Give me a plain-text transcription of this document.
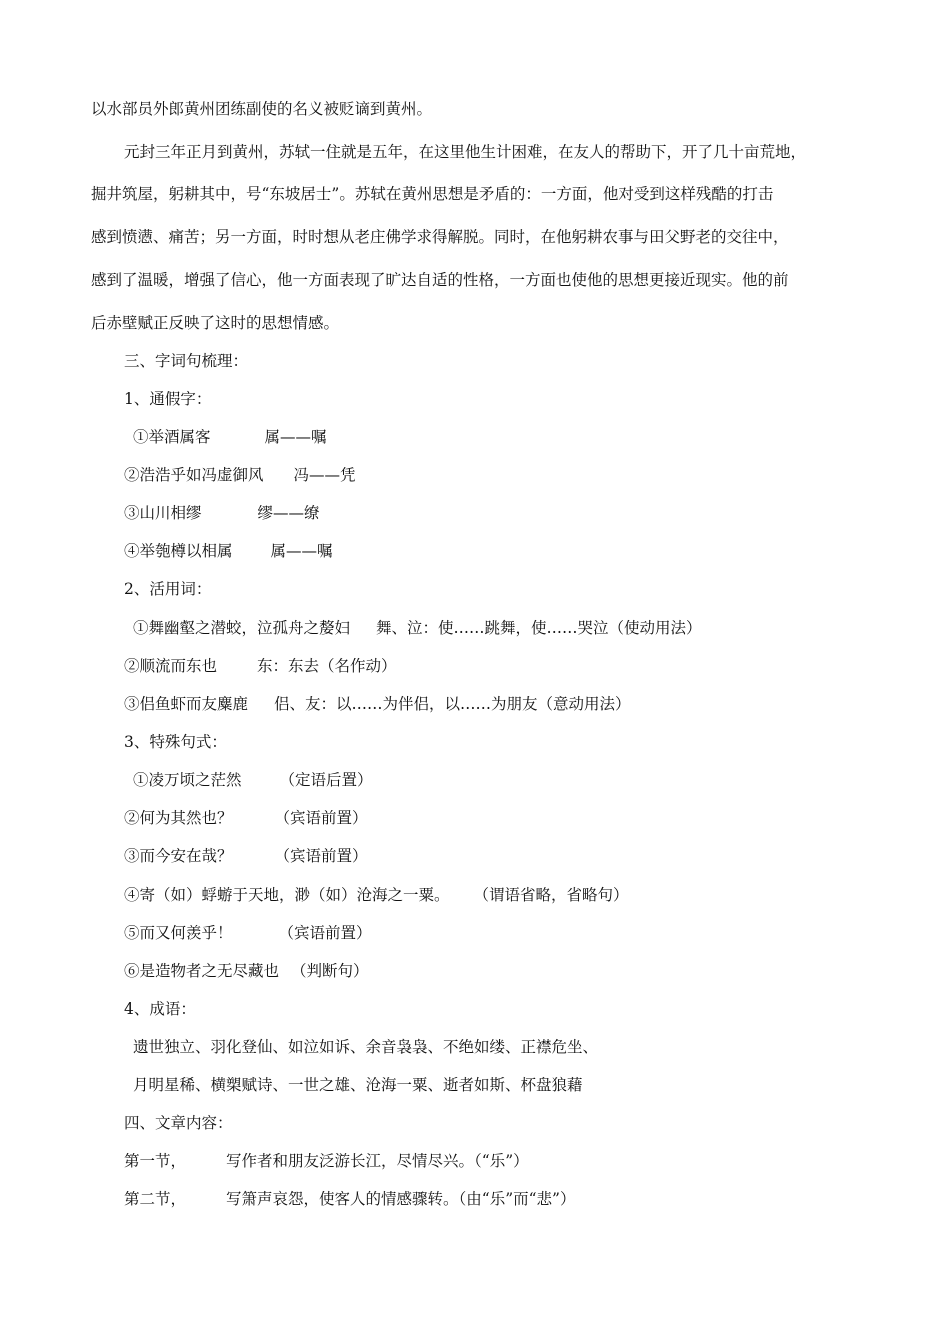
以水部员外郎黄州团练副使的名义被贬谪到黄州。
元封三年正月到黄州，苏轼一住就是五年，在这里他生计困难，在友人的帮助下，开了几十亩荒地，
掘井筑屋，躬耕其中，号“东坡居士”。苏轼在黄州思想是矛盾的：一方面，他对受到这样残酷的打击
感到愤懑、痛苦；另一方面，时时想从老庄佛学求得解脱。同时，在他躬耕农事与田父野老的交往中，
感到了温暖，增强了信心，他一方面表现了旷达自适的性格，一方面也使他的思想更接近现实。他的前
后赤壁赋正反映了这时的思想情感。
三、字词句梳理：
1、通假字：
①举酒属客	属——嘱
②浩浩乎如冯虚御风 冯——凭
③山川相缪	缪——缭
④举匏樽以相属 属——嘱
2、活用词：
①舞幽壑之潜蛟，泣孤舟之嫠妇 舞、泣：使……跳舞，使……哭泣（使动用法）
②顺流而东也	东：东去（名作动）
③侣鱼虾而友麋鹿 侣、友：以……为伴侣，以……为朋友（意动用法）
3、特殊句式：
①凌万顷之茫然 （定语后置）
②何为其然也？	（宾语前置）
③而今安在哉？	（宾语前置）
④寄（如）蜉蝣于天地，渺（如）沧海之一粟。 （谓语省略，省略句）
⑤而又何羡乎！	（宾语前置）
⑥是造物者之无尽藏也 （判断句）
4、成语：
遗世独立、羽化登仙、如泣如诉、余音袅袅、不绝如缕、正襟危坐、
月明星稀、横槊赋诗、一世之雄、沧海一粟、逝者如斯、杯盘狼藉
四、文章内容：
第一节，	写作者和朋友泛游长江，尽情尽兴。（“乐”）
第二节，	写箫声哀怨，使客人的情感骤转。（由“乐”而“悲”）
